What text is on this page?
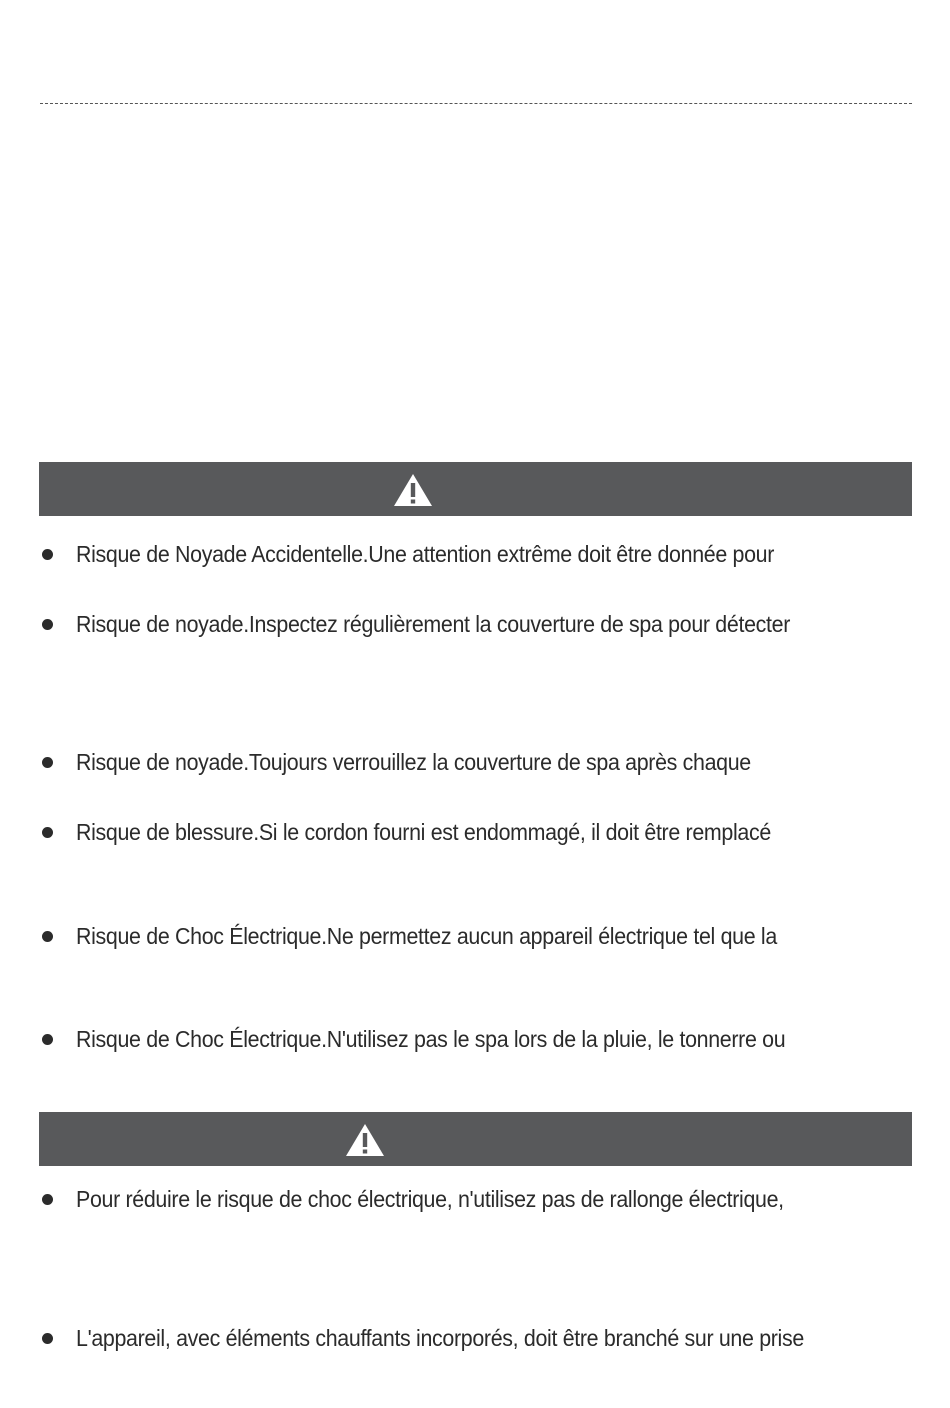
Risque de Noyade Accidentelle.Une attention extrême doit être donnée pour
Risque de noyade.Inspectez régulièrement la couverture de spa pour détecter
Risque de noyade.Toujours verrouillez la couverture de spa après chaque
Risque de blessure.Si le cordon fourni est endommagé, il doit être remplacé
Risque de Choc Électrique.Ne permettez aucun appareil électrique tel que la
Risque de Choc Électrique.N'utilisez pas le spa lors de la pluie, le tonnerre ou
Pour réduire le risque de choc électrique, n'utilisez pas de rallonge électrique,
L'appareil, avec éléments chauffants incorporés, doit être branché sur une prise
